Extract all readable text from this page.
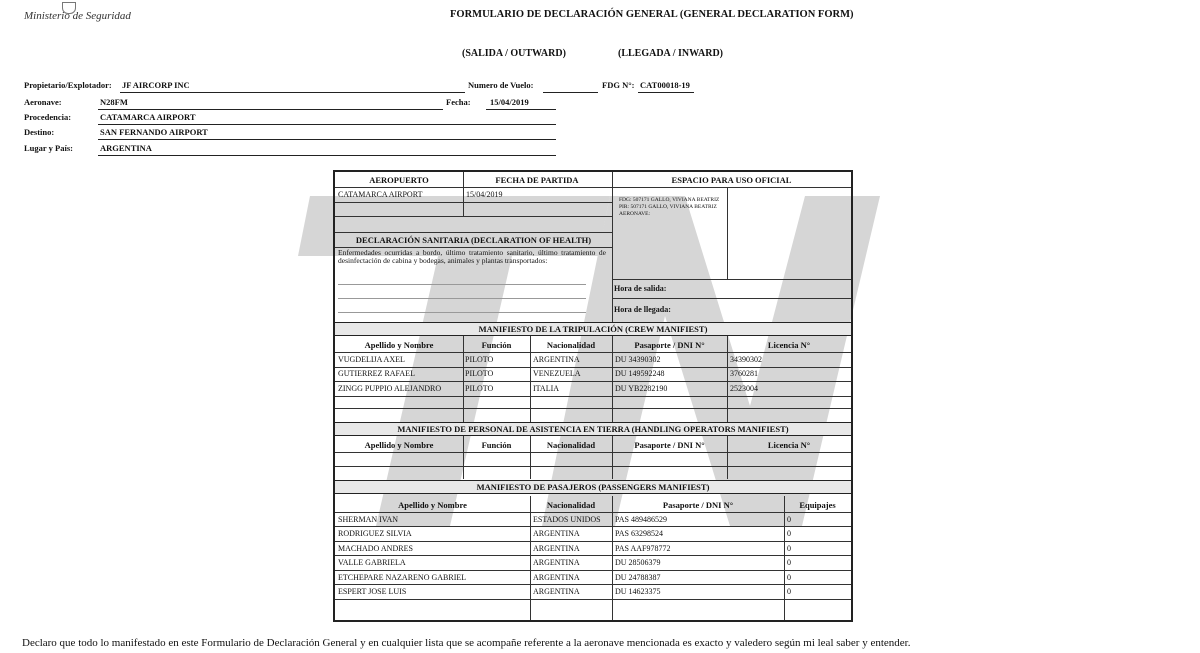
Ministerio de Seguridad	FORMULARIO DE DECLARACIÓN GENERAL (GENERAL DECLARATION FORM)
(SALIDA / OUTWARD)	(LLEGADA / INWARD)
Propietario/Explotador: JF AIRCORP INC	Numero de Vuelo:	FDG N°: CAT00018-19
Aeronave:	N28FM	Fecha: 15/04/2019
Procedencia:	CATAMARCA AIRPORT
Destino:	SAN FERNANDO AIRPORT
Lugar y País:	ARGENTINA
AEROPUERTO	FECHA DE PARTIDA	ESPACIO PARA USO OFICIAL
CATAMARCA AIRPORT	15/04/2019
FDG: 507171 GALLO, VIVIANA BEATRIZ
PIR: 507171 GALLO, VIVIANA BEATRIZ
AERONAVE:
DECLARACIÓN SANITARIA (DECLARATION OF HEALTH)
Enfermedades ocurridas a bordo, último tratamiento sanitario, último tratamiento de desinfectación de cabina y bodegas, animales y plantas transportados:
Hora de salida:
Hora de llegada:
MANIFIESTO DE LA TRIPULACIÓN (CREW MANIFIEST)
Apellido y Nombre	Función	Nacionalidad	Pasaporte / DNI N°	Licencia N°
VUGDELIJA AXEL	PILOTO	ARGENTINA	DU 34390302	34390302
GUTIERREZ RAFAEL	PILOTO	VENEZUELA	DU 149592248	3760281
ZINGG PUPPIO ALEJANDRO	PILOTO	ITALIA	DU YB2282190	2523004
MANIFIESTO DE PERSONAL DE ASISTENCIA EN TIERRA (HANDLING OPERATORS MANIFIEST)
Apellido y Nombre	Función	Nacionalidad	Pasaporte / DNI N°	Licencia N°
MANIFIESTO DE PASAJEROS (PASSENGERS MANIFIEST)
Apellido y Nombre	Nacionalidad	Pasaporte / DNI N°	Equipajes
SHERMAN IVAN	ESTADOS UNIDOS PAS 489486529	0
RODRIGUEZ SILVIA	ARGENTINA	PAS 63298524	0
MACHADO ANDRES	ARGENTINA	PAS AAF978772	0
VALLE GABRIELA	ARGENTINA	DU 28506379	0
ETCHEPARE NAZARENO GABRIEL	ARGENTINA	DU 24788387	0
ESPERT JOSE LUIS	ARGENTINA	DU 14623375	0
Declaro que todo lo manifestado en este Formulario de Declaración General y en cualquier lista que se acompañe referente a la aeronave mencionada es exacto y valedero según mi leal saber y entender.
